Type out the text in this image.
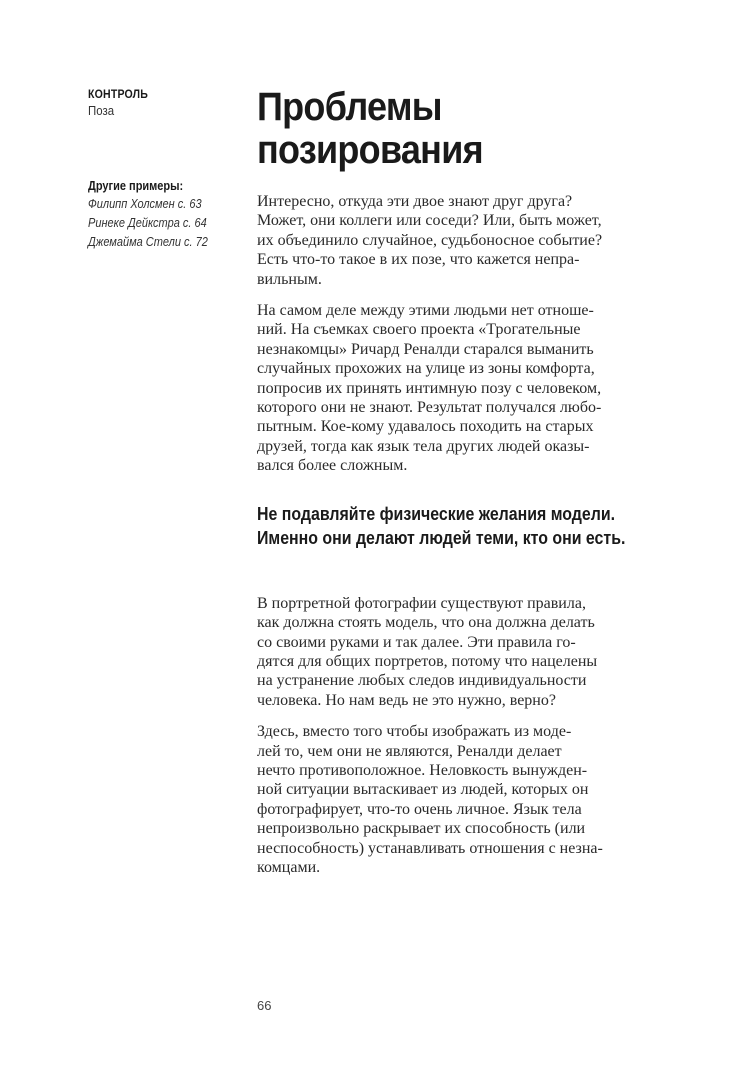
КОНТРОЛЬ
Поза
Другие примеры:
Филипп Холсмен с. 63
Ринеке Дейкстра с. 64
Джемайма Стели с. 72
Проблемы
позирования

Интересно, откуда эти двое знают друг друга?
Может, они коллеги или соседи? Или, быть может,
их объединило случайное, судьбоносное событие?
Есть что-то такое в их позе, что кажется непра-
вильным.

На самом деле между этими людьми нет отноше-
ний. На съемках своего проекта «Трогательные
незнакомцы» Ричард Реналди старался выманить
случайных прохожих на улице из зоны комфорта,
попросив их принять интимную позу с человеком,
которого они не знают. Результат получался любо-
пытным. Кое-кому удавалось походить на старых
друзей, тогда как язык тела других людей оказы-
вался более сложным.

Не подавляйте физические желания модели.
Именно они делают людей теми, кто они есть.

В портретной фотографии существуют правила,
как должна стоять модель, что она должна делать
со своими руками и так далее. Эти правила го-
дятся для общих портретов, потому что нацелены
на устранение любых следов индивидуальности
человека. Но нам ведь не это нужно, верно?

Здесь, вместо того чтобы изображать из моде-
лей то, чем они не являются, Реналди делает
нечто противоположное. Неловкость вынужден-
ной ситуации вытаскивает из людей, которых он
фотографирует, что-то очень личное. Язык тела
непроизвольно раскрывает их способность (или
неспособность) устанавливать отношения с незна-
комцами.

66
